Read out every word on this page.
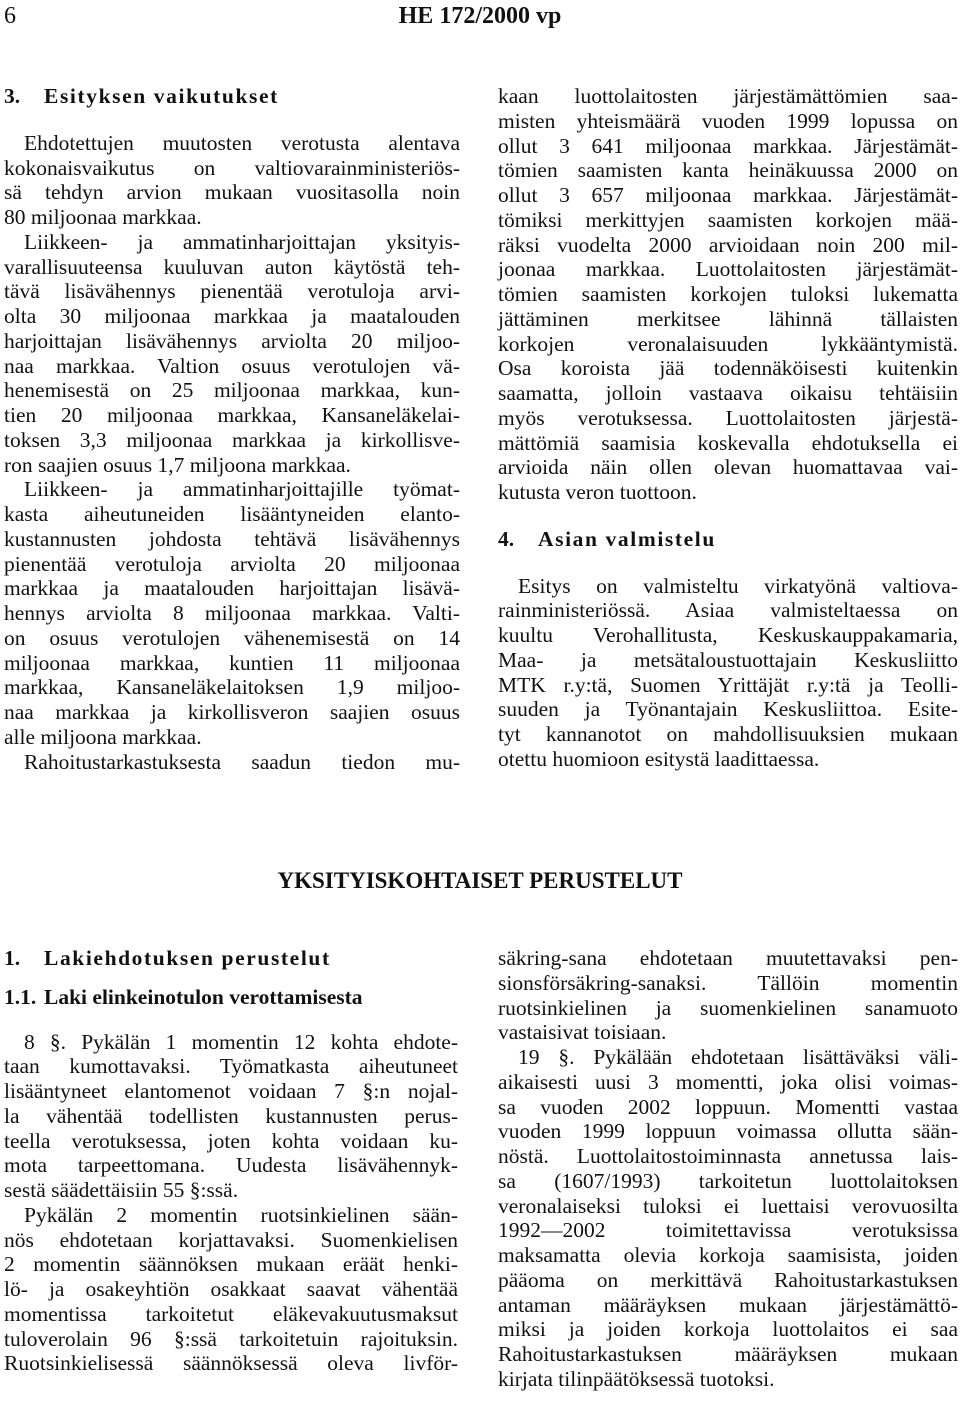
6	HE 172/2000 vp
3. Esityksen vaikutukset
Ehdotettujen muutosten verotusta alentava
kokonaisvaikutus on valtiovarainministeriös-
sä tehdyn arvion mukaan vuositasolla noin
80 miljoonaa markkaa.
Liikkeen- ja ammatinharjoittajan yksityis-
varallisuuteensa kuuluvan auton käytöstä teh-
tävä lisävähennys pienentää verotuloja arvi-
olta 30 miljoonaa markkaa ja maatalouden
harjoittajan lisävähennys arviolta 20 miljoo-
naa markkaa. Valtion osuus verotulojen vä-
henemisestä on 25 miljoonaa markkaa, kun-
tien 20 miljoonaa markkaa, Kansaneläkelai-
toksen 3,3 miljoonaa markkaa ja kirkollisve-
ron saajien osuus 1,7 miljoona markkaa.
Liikkeen- ja ammatinharjoittajille työmat-
kasta aiheutuneiden lisääntyneiden elanto-
kustannusten johdosta tehtävä lisävähennys
pienentää verotuloja arviolta 20 miljoonaa
markkaa ja maatalouden harjoittajan lisävä-
hennys arviolta 8 miljoonaa markkaa. Valti-
on osuus verotulojen vähenemisestä on 14
miljoonaa markkaa, kuntien 11 miljoonaa
markkaa, Kansaneläkelaitoksen 1,9 miljoo-
naa markkaa ja kirkollisveron saajien osuus
alle miljoona markkaa.
Rahoitustarkastuksesta saadun tiedon mu-
kaan luottolaitosten järjestämättömien saa-
misten yhteismäärä vuoden 1999 lopussa on
ollut 3 641 miljoonaa markkaa. Järjestämät-
tömien saamisten kanta heinäkuussa 2000 on
ollut 3 657 miljoonaa markkaa. Järjestämät-
tömiksi merkittyjen saamisten korkojen mää-
räksi vuodelta 2000 arvioidaan noin 200 mil-
joonaa markkaa. Luottolaitosten järjestämät-
tömien saamisten korkojen tuloksi lukematta
jättäminen merkitsee lähinnä tällaisten
korkojen veronalaisuuden lykkääntymistä.
Osa koroista jää todennäköisesti kuitenkin
saamatta, jolloin vastaava oikaisu tehtäisiin
myös verotuksessa. Luottolaitosten järjestä-
mättömiä saamisia koskevalla ehdotuksella ei
arvioida näin ollen olevan huomattavaa vai-
kutusta veron tuottoon.
4. Asian valmistelu
Esitys on valmisteltu virkatyönä valtiova-
rainministeriössä. Asiaa valmisteltaessa on
kuultu Verohallitusta, Keskuskauppakamaria,
Maa- ja metsätaloustuottajain Keskusliitto
MTK r.y:tä, Suomen Yrittäjät r.y:tä ja Teolli-
suuden ja Työnantajain Keskusliittoa. Esite-
tyt kannanotot on mahdollisuuksien mukaan
otettu huomioon esitystä laadittaessa.
YKSITYISKOHTAISET PERUSTELUT
1. Lakiehdotuksen perustelut
1.1. Laki elinkeinotulon verottamisesta
8 §. Pykälän 1 momentin 12 kohta ehdote-
taan kumottavaksi. Työmatkasta aiheutuneet
lisääntyneet elantomenot voidaan 7 §:n nojal-
la vähentää todellisten kustannusten perus-
teella verotuksessa, joten kohta voidaan ku-
mota tarpeettomana. Uudesta lisävähennyk-
sestä säädettäisiin 55 §:ssä.
Pykälän 2 momentin ruotsinkielinen sään-
nös ehdotetaan korjattavaksi. Suomenkielisen
2 momentin säännöksen mukaan eräät henki-
lö- ja osakeyhtiön osakkaat saavat vähentää
momentissa tarkoitetut eläkevakuutusmaksut
tuloverolain 96 §:ssä tarkoitetuin rajoituksin.
Ruotsinkielisessä säännöksessä oleva livför-
säkring-sana ehdotetaan muutettavaksi pen-
sionsförsäkring-sanaksi. Tällöin momentin
ruotsinkielinen ja suomenkielinen sanamuoto
vastaisivat toisiaan.
19 §. Pykälään ehdotetaan lisättäväksi väli-
aikaisesti uusi 3 momentti, joka olisi voimas-
sa vuoden 2002 loppuun. Momentti vastaa
vuoden 1999 loppuun voimassa ollutta sään-
nöstä. Luottolaitostoiminnasta annetussa lais-
sa (1607/1993) tarkoitetun luottolaitoksen
veronalaiseksi tuloksi ei luettaisi verovuosilta
1992—2002 toimitettavissa verotuksissa
maksamatta olevia korkoja saamisista, joiden
pääoma on merkittävä Rahoitustarkastuksen
antaman määräyksen mukaan järjestämättö-
miksi ja joiden korkoja luottolaitos ei saa
Rahoitustarkastuksen määräyksen mukaan
kirjata tilinpäätöksessä tuotoksi.
